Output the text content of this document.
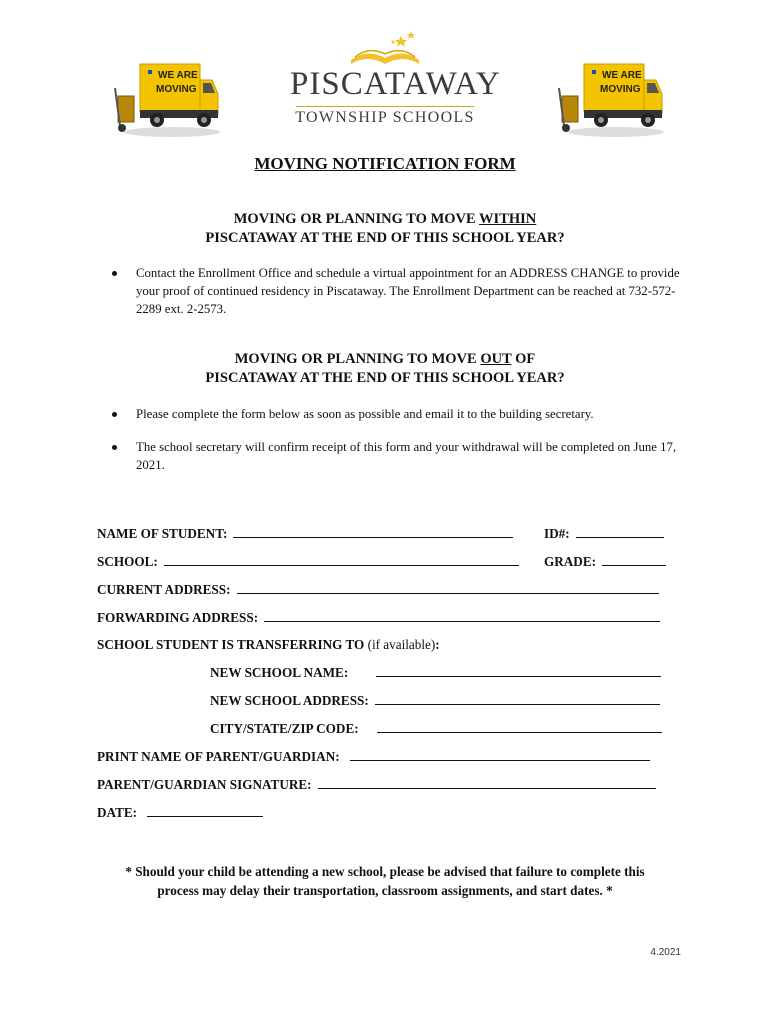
WE ARE
MOVING	PISCATAWAY
TOWNSHIP SCHOOLS
WE ARE
MOVING
MOVING NOTIFICATION FORM
MOVING OR PLANNING TO MOVE WITHIN
PISCATAWAY AT THE END OF THIS SCHOOL YEAR?
Contact the Enrollment Office and schedule a virtual appointment for an ADDRESS CHANGE to provide your proof of continued residency in Piscataway. The Enrollment Department can be reached at 732-572-2289 ext. 2-2573.
MOVING OR PLANNING TO MOVE OUT OF
PISCATAWAY AT THE END OF THIS SCHOOL YEAR?
Please complete the form below as soon as possible and email it to the building secretary.
The school secretary will confirm receipt of this form and your withdrawal will be completed on June 17, 2021.
NAME OF STUDENT:	ID#:
SCHOOL:	GRADE:
CURRENT ADDRESS:
FORWARDING ADDRESS:
SCHOOL STUDENT IS TRANSFERRING TO (if available):
NEW SCHOOL NAME:
NEW SCHOOL ADDRESS:
CITY/STATE/ZIP CODE:
PRINT NAME OF PARENT/GUARDIAN:
PARENT/GUARDIAN SIGNATURE:
DATE:
* Should your child be attending a new school, please be advised that failure to complete this
process may delay their transportation, classroom assignments, and start dates. *
4.2021
